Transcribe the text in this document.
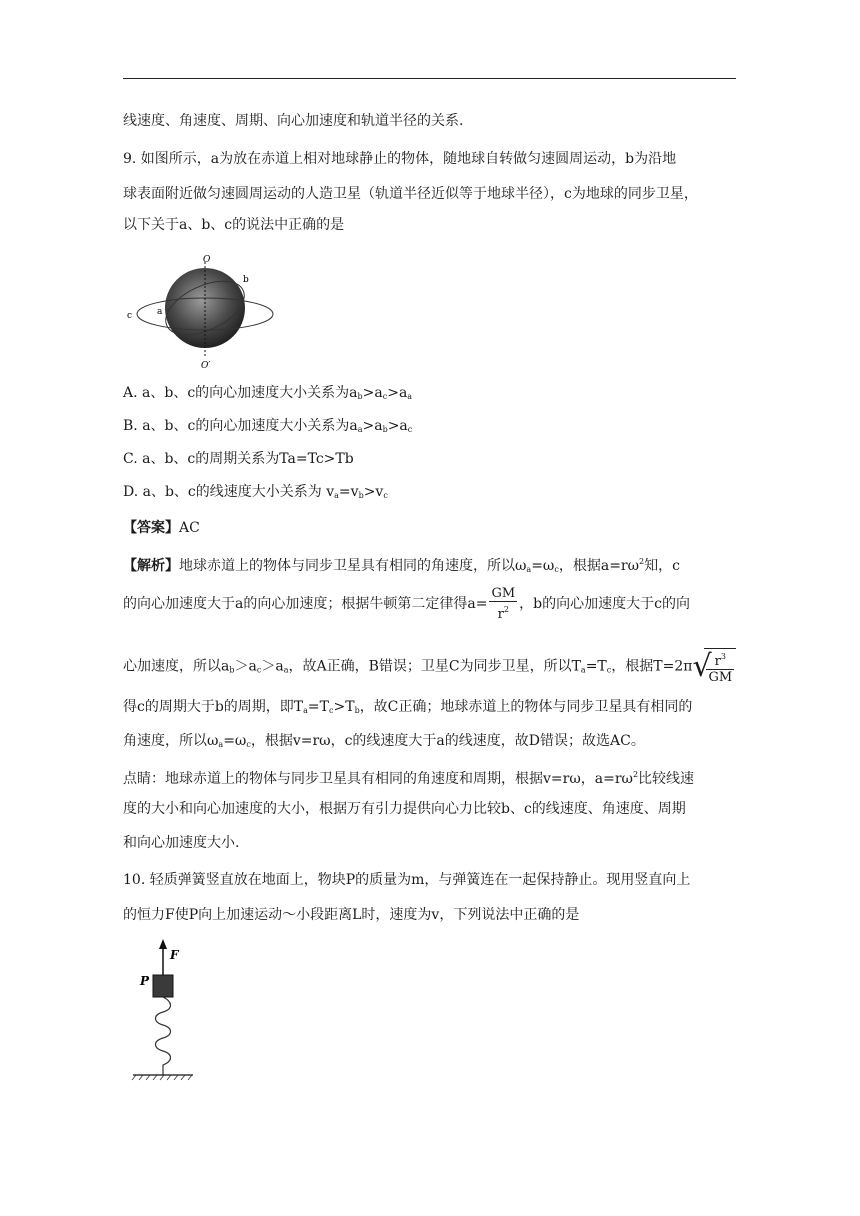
线速度、角速度、周期、向心加速度和轨道半径的关系.
9. 如图所示，a为放在赤道上相对地球静止的物体，随地球自转做匀速圆周运动，b为沿地
球表面附近做匀速圆周运动的人造卫星（轨道半径近似等于地球半径），c为地球的同步卫星，
以下关于a、b、c的说法中正确的是
O
b
c	a
O′
A. a、b、c的向心加速度大小关系为$a_b>a_c>a_a$
B. a、b、c的向心加速度大小关系为$a_a>a_b>a_c$
C. a、b、c的周期关系为Ta=Tc>Tb
D. a、b、c的线速度大小关系为 $v_a=v_b>v_c$
【答案】AC
【解析】地球赤道上的物体与同步卫星具有相同的角速度，所以$\omega_a=\omega_c$，根据$a=r\omega^2$知，c
的向心加速度大于a的向心加速度；根据牛顿第二定律得$a= \frac{GM}{r^2}$ ，b的向心加速度大于c的向
心加速度，所以$a_b>a_c>a_a$，故A正确，B错误；卫星C为同步卫星，所以$T_a=T_c$，根据T=2π √
$\frac{r^3}{GM}$
得c的周期大于b的周期，即$T_a=T_c>T_b$，故C正确；地球赤道上的物体与同步卫星具有相同的
角速度，所以$\omega_a=\omega_c$，根据v=rω，c的线速度大于a的线速度，故D错误；故选AC。
点睛：地球赤道上的物体与同步卫星具有相同的角速度和周期，根据v=rω，$a=r\omega^2$比较线速
度的大小和向心加速度的大小，根据万有引力提供向心力比较b、c的线速度、角速度、周期
和向心加速度大小.
10. 轻质弹簧竖直放在地面上，物块P的质量为m，与弹簧连在一起保持静止。现用竖直向上
的恒力F使P向上加速运动～小段距离L时，速度为v，下列说法中正确的是
F
P
